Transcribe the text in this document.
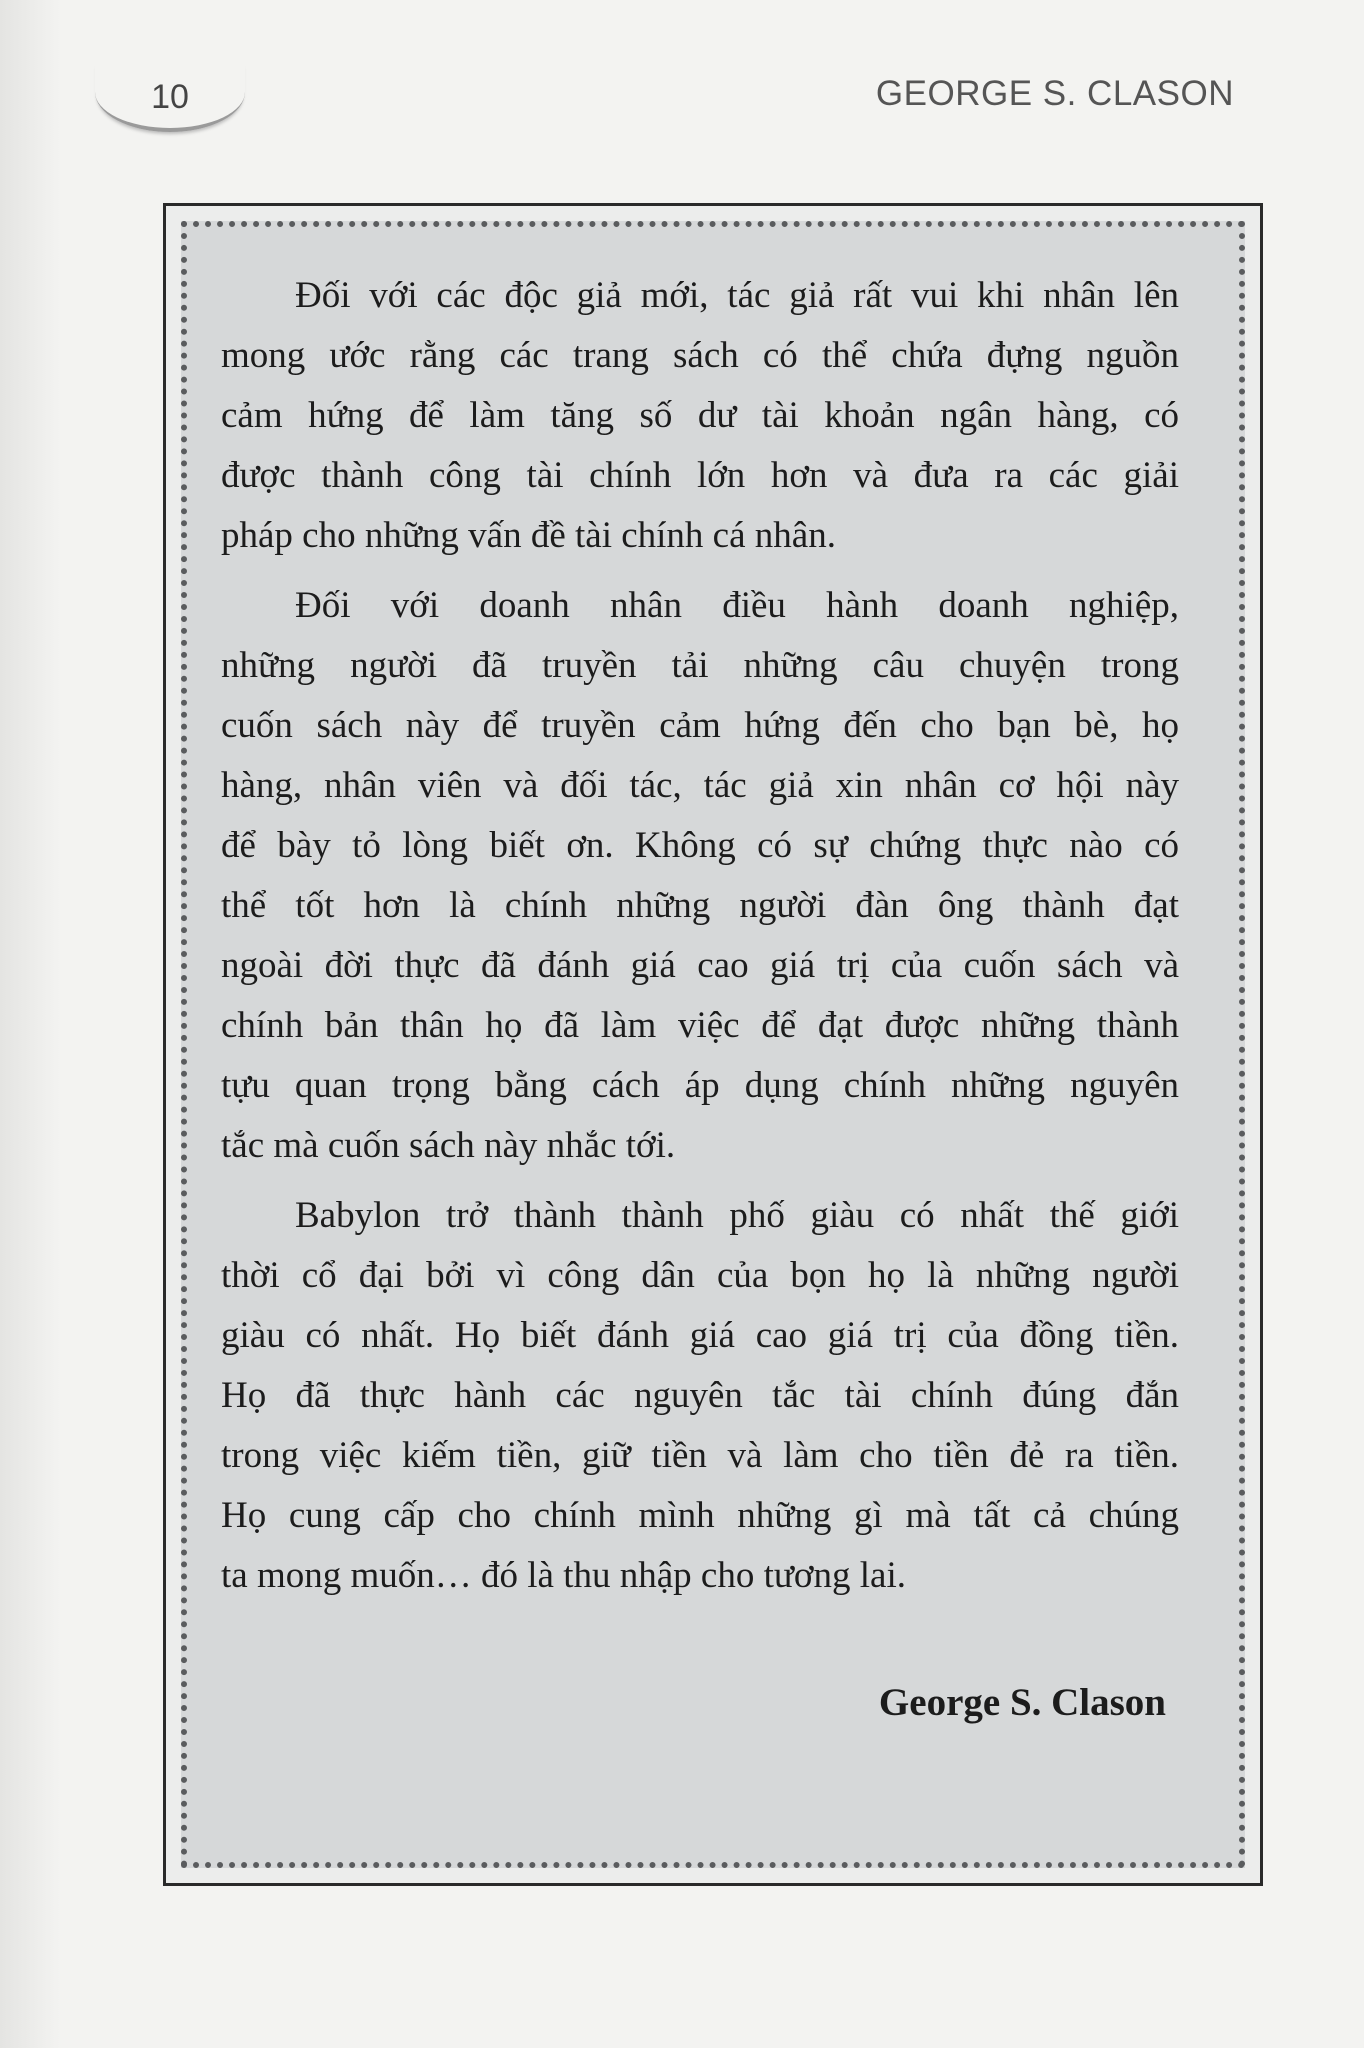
10	GEORGE S. CLASON
Đối với các độc giả mới, tác giả rất vui khi nhân lên
mong ước rằng các trang sách có thể chứa đựng nguồn
cảm hứng để làm tăng số dư tài khoản ngân hàng, có
được thành công tài chính lớn hơn và đưa ra các giải
pháp cho những vấn đề tài chính cá nhân.
Đối với doanh nhân điều hành doanh nghiệp,
những người đã truyền tải những câu chuyện trong
cuốn sách này để truyền cảm hứng đến cho bạn bè, họ
hàng, nhân viên và đối tác, tác giả xin nhân cơ hội này
để bày tỏ lòng biết ơn. Không có sự chứng thực nào có
thể tốt hơn là chính những người đàn ông thành đạt
ngoài đời thực đã đánh giá cao giá trị của cuốn sách và
chính bản thân họ đã làm việc để đạt được những thành
tựu quan trọng bằng cách áp dụng chính những nguyên
tắc mà cuốn sách này nhắc tới.
Babylon trở thành thành phố giàu có nhất thế giới
thời cổ đại bởi vì công dân của bọn họ là những người
giàu có nhất. Họ biết đánh giá cao giá trị của đồng tiền.
Họ đã thực hành các nguyên tắc tài chính đúng đắn
trong việc kiếm tiền, giữ tiền và làm cho tiền đẻ ra tiền.
Họ cung cấp cho chính mình những gì mà tất cả chúng
ta mong muốn… đó là thu nhập cho tương lai.
George S. Clason
